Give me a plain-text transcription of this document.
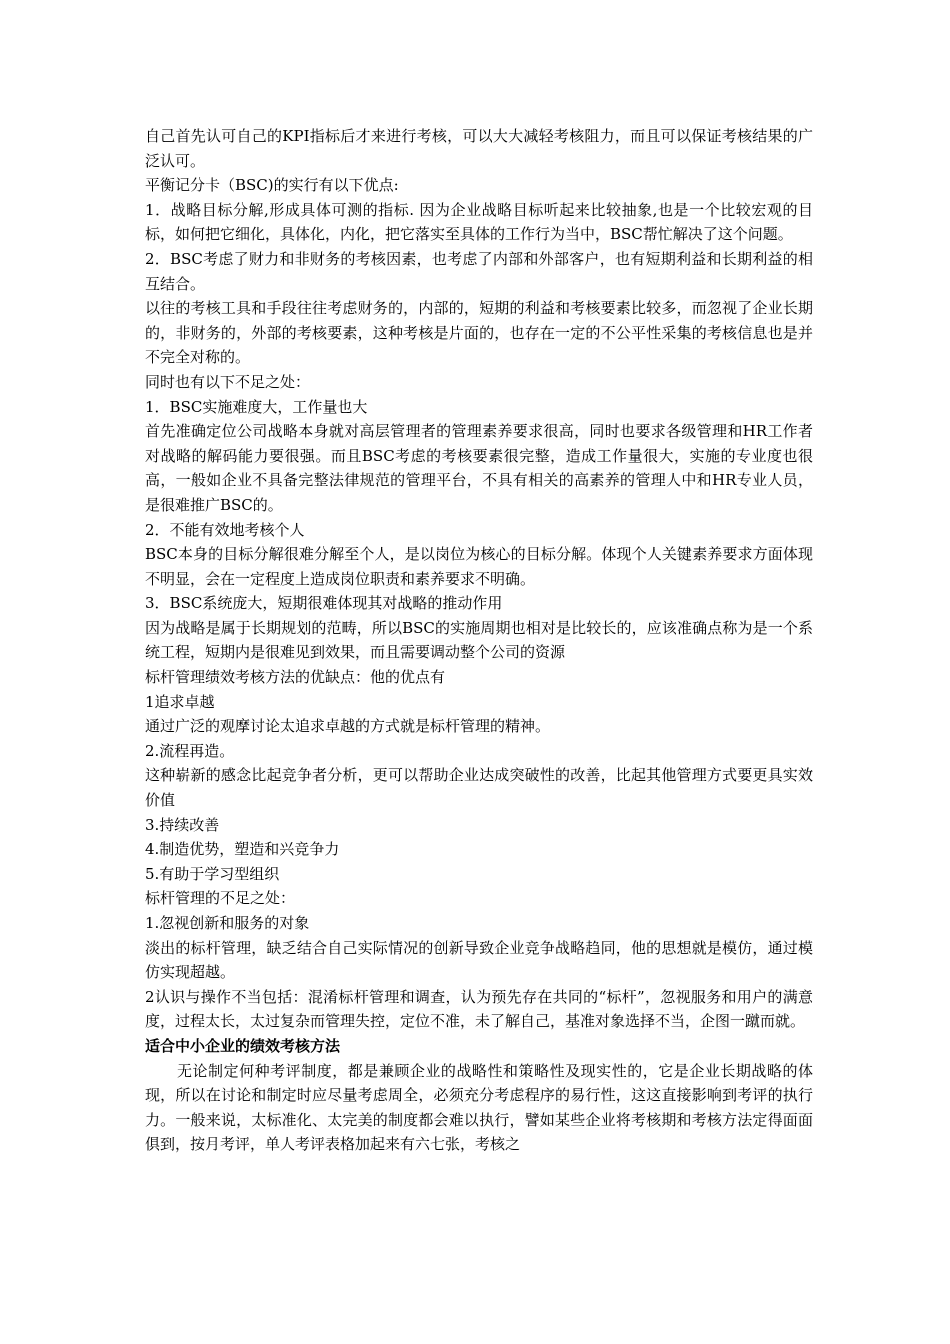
自己首先认可自己的KPI指标后才来进行考核，可以大大减轻考核阻力，而且可以保证考核结果的广泛认可。

平衡记分卡（BSC)的实行有以下优点:

1．战略目标分解,形成具体可测的指标. 因为企业战略目标听起来比较抽象,也是一个比较宏观的目标，如何把它细化，具体化，内化，把它落实至具体的工作行为当中，BSC帮忙解决了这个问题。

2．BSC考虑了财力和非财务的考核因素，也考虑了内部和外部客户，也有短期利益和长期利益的相互结合。

以往的考核工具和手段往往考虑财务的，内部的，短期的利益和考核要素比较多，而忽视了企业长期的，非财务的，外部的考核要素，这种考核是片面的，也存在一定的不公平性采集的考核信息也是并不完全对称的。

同时也有以下不足之处：

1．BSC实施难度大，工作量也大

首先准确定位公司战略本身就对高层管理者的管理素养要求很高，同时也要求各级管理和HR工作者对战略的解码能力要很强。而且BSC考虑的考核要素很完整，造成工作量很大，实施的专业度也很高，一般如企业不具备完整法律规范的管理平台，不具有相关的高素养的管理人中和HR专业人员，是很难推广BSC的。

2．不能有效地考核个人

BSC本身的目标分解很难分解至个人，是以岗位为核心的目标分解。体现个人关键素养要求方面体现不明显，会在一定程度上造成岗位职责和素养要求不明确。

3．BSC系统庞大，短期很难体现其对战略的推动作用

因为战略是属于长期规划的范畴，所以BSC的实施周期也相对是比较长的，应该准确点称为是一个系统工程，短期内是很难见到效果，而且需要调动整个公司的资源

标杆管理绩效考核方法的优缺点：他的优点有

1追求卓越

通过广泛的观摩讨论太追求卓越的方式就是标杆管理的精神。

2.流程再造。

这种崭新的感念比起竞争者分析，更可以帮助企业达成突破性的改善，比起其他管理方式要更具实效价值

3.持续改善

4.制造优势，塑造和兴竞争力

5.有助于学习型组织

标杆管理的不足之处：

1.忽视创新和服务的对象

淡出的标杆管理，缺乏结合自己实际情况的创新导致企业竞争战略趋同，他的思想就是模仿，通过模仿实现超越。

2认识与操作不当包括：混淆标杆管理和调查，认为预先存在共同的“标杆”，忽视服务和用户的满意度，过程太长，太过复杂而管理失控，定位不准，未了解自己，基准对象选择不当，企图一蹴而就。

适合中小企业的绩效考核方法

无论制定何种考评制度，都是兼顾企业的战略性和策略性及现实性的，它是企业长期战略的体现，所以在讨论和制定时应尽量考虑周全，必须充分考虑程序的易行性，这这直接影响到考评的执行力。一般来说，太标准化、太完美的制度都会难以执行，譬如某些企业将考核期和考核方法定得面面俱到，按月考评，单人考评表格加起来有六七张，考核之
